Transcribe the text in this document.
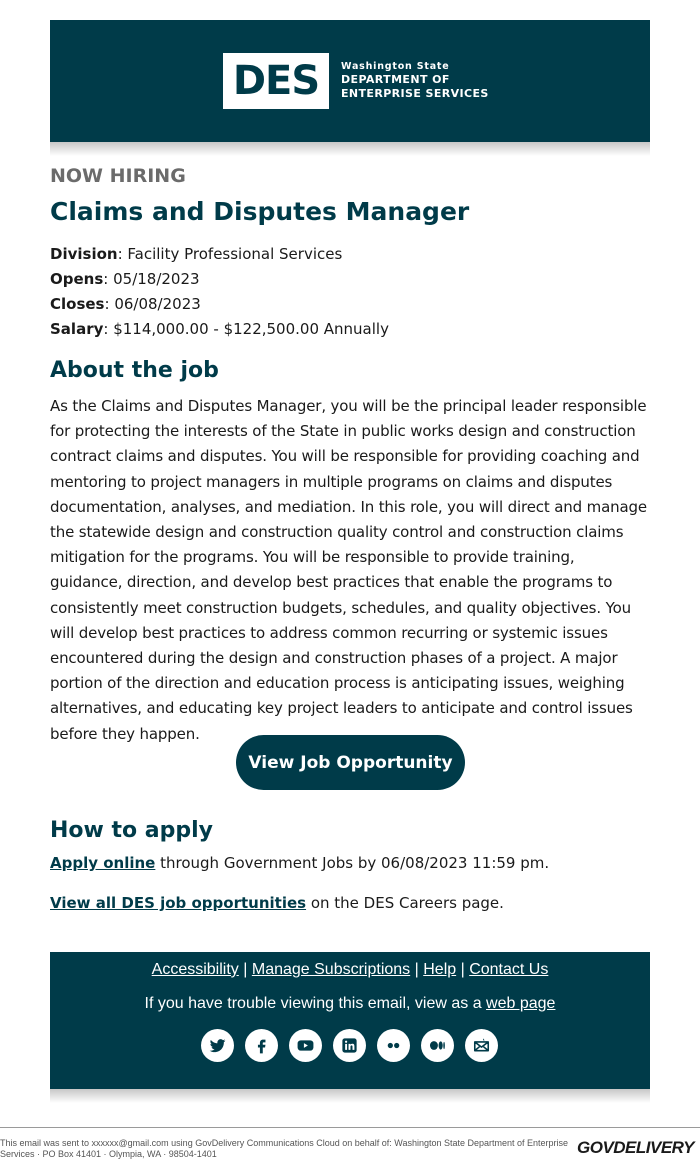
DES Washington State
DEPARTMENT OF
ENTERPRISE SERVICES
NOW HIRING
Claims and Disputes Manager
Division: Facility Professional Services
Opens: 05/18/2023
Closes: 06/08/2023
Salary: $114,000.00 - $122,500.00 Annually
About the job
As the Claims and Disputes Manager, you will be the principal leader responsible for protecting the interests of the State in public works design and construction contract claims and disputes. You will be responsible for providing coaching and mentoring to project managers in multiple programs on claims and disputes documentation, analyses, and mediation. In this role, you will direct and manage the statewide design and construction quality control and construction claims mitigation for the programs. You will be responsible to provide training, guidance, direction, and develop best practices that enable the programs to consistently meet construction budgets, schedules, and quality objectives. You will develop best practices to address common recurring or systemic issues encountered during the design and construction phases of a project. A major portion of the direction and education process is anticipating issues, weighing alternatives, and educating key project leaders to anticipate and control issues before they happen.
View Job Opportunity
How to apply
Apply online through Government Jobs by 06/08/2023 11:59 pm.
View all DES job opportunities on the DES Careers page.
Accessibility | Manage Subscriptions | Help | Contact Us
If you have trouble viewing this email, view as a web page
This email was sent to xxxxxx@gmail.com using GovDelivery Communications Cloud on behalf of: Washington State Department of Enterprise Services · PO Box 41401 · Olympia, WA · 98504-1401	GOVDELIVERY
